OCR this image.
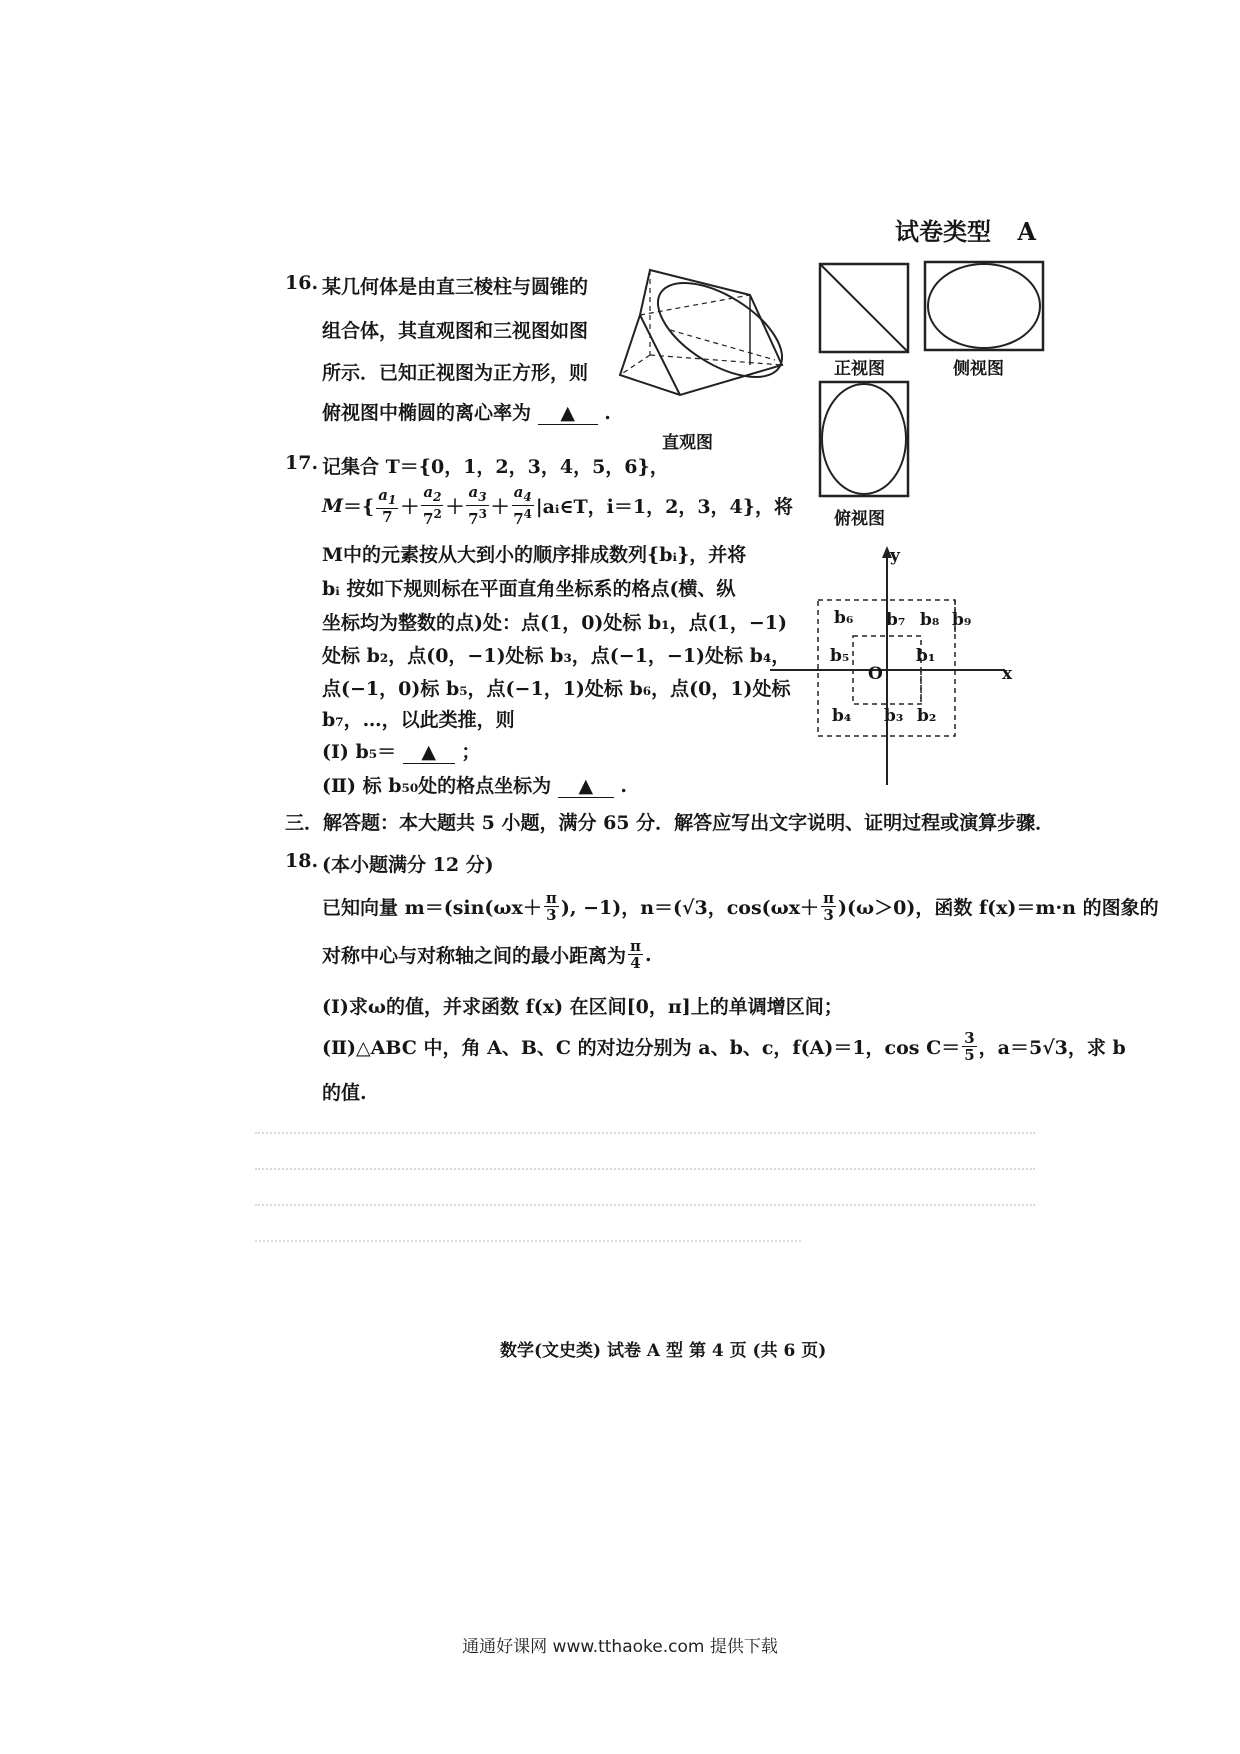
试卷类型 A
16. 某几何体是由直三棱柱与圆锥的
组合体，其直观图和三视图如图
所示．已知正视图为正方形，则
俯视图中椭圆的离心率为 ▲ .
直观图
正视图	侧视图
俯视图
17. 记集合 T＝{0，1，2，3，4，5，6}，
M ＝{ $\frac{a_1}{7} + \frac{a_2}{7^2} + \frac{a_3}{7^3} + \frac{a_4}{7^4}$ |aᵢ∈T，i＝1，2，3，4} ，将
M中的元素按从大到小的顺序排成数列{bᵢ}，并将
bᵢ 按如下规则标在平面直角坐标系的格点(横、纵
坐标均为整数的点)处：点(1，0)处标 b₁，点(1，−1)
处标 b₂，点(0，−1)处标 b₃，点(−1，−1)处标 b₄，
点(−1，0)标 b₅，点(−1，1)处标 b₆，点(0，1)处标
b₇，…，以此类推，则
(Ⅰ) b₅＝ ▲ ；
(Ⅱ) 标 b₅₀处的格点坐标为 ▲ .
y
x
O
b₁
b₂
b₃
b₄
b₅
b₆ b₇ b₈ b₉
三．解答题：本大题共 5 小题，满分 65 分．解答应写出文字说明、证明过程或演算步骤．
18. (本小题满分 12 分)
已知向量 $m=(\sin(\omega x+ \frac{\pi}{3}$ ), −1)，n＝(√3，$\cos(\omega x+ \frac{\pi}{3} )(\omega>0)$，函数 f(x)＝m·n 的图象的
对称中心与对称轴之间的最小距离为 $\frac{\pi}{4}$ .
(Ⅰ)求ω的值，并求函数 f(x) 在区间[0，π]上的单调增区间；
(Ⅱ)△ABC 中，角 A、B、C 的对边分别为 a、b、c，f(A)＝1，$\cos C= \frac{3}{5}$ ，a＝5√3，求 b
的值.
数学(文史类) 试卷 A 型 第 4 页 (共 6 页)
通通好课网 www.tthaoke.com 提供下载
